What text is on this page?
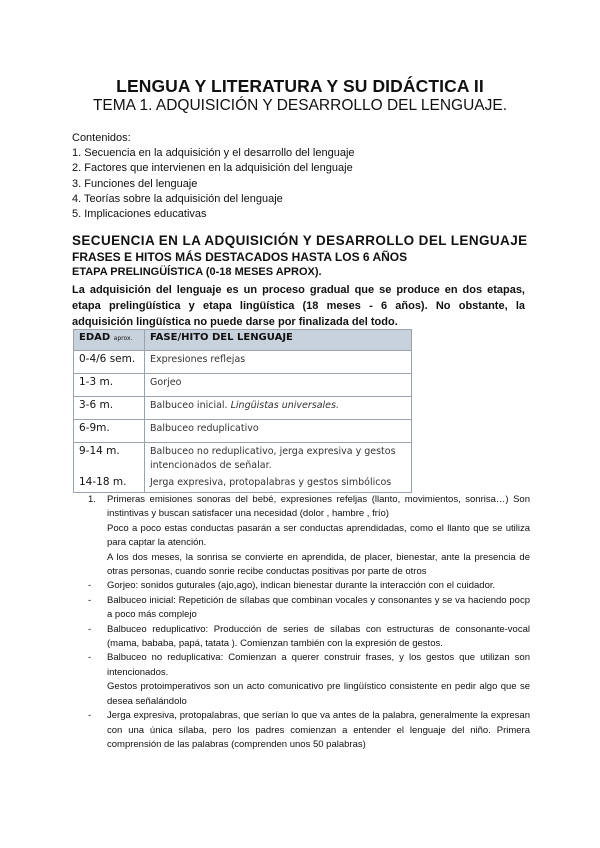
LENGUA Y LITERATURA Y SU DIDÁCTICA II
TEMA 1. ADQUISICIÓN Y DESARROLLO DEL LENGUAJE.
Contenidos:
1. Secuencia en la adquisición y el desarrollo del lenguaje
2. Factores que intervienen en la adquisición del lenguaje
3. Funciones del lenguaje
4. Teorías sobre la adquisición del lenguaje
5. Implicaciones educativas
SECUENCIA EN LA ADQUISICIÓN Y DESARROLLO DEL LENGUAJE
FRASES E HITOS MÁS DESTACADOS HASTA LOS 6 AÑOS
ETAPA PRELINGÜÍSTICA (0-18 MESES APROX).
La adquisición del lenguaje es un proceso gradual que se produce en dos etapas,
etapa prelingüística y etapa lingüística (18 meses - 6 años). No obstante, la
adquisición lingüística no puede darse por finalizada del todo.
EDAD aprox.	FASE/HITO DEL LENGUAJE
0-4/6 sem.	Expresiones reflejas
1-3 m.	Gorjeo
3-6 m.	Balbuceo inicial. Lingüistas universales.
6-9m.	Balbuceo reduplicativo
9-14 m.	Balbuceo no reduplicativo, jerga expresiva y gestos intencionados de señalar.
14-18 m.	Jerga expresiva, protopalabras y gestos simbólicos
1. Primeras emisiones sonoras del bebé, expresiones refeljas (llanto, movimientos, sonrisa…) Son instintivas y buscan satisfacer una necesidad (dolor , hambre , frío)

Poco a poco estas conductas pasarán a ser conductas aprendidadas, como el llanto que se utiliza para captar la atención.

A los dos meses, la sonrisa se convierte en aprendida, de placer, bienestar, ante la presencia de otras personas, cuando sonrie recibe conductas positivas por parte de otros

- Gorjeo: sonidos guturales (ajo,ago), indican bienestar durante la interacción con el cuidador.

- Balbuceo inicial: Repetición de sílabas que combinan vocales y consonantes y se va haciendo pocp a poco más complejo

- Balbuceo reduplicativo: Producción de series de sílabas con estructuras de consonante-vocal (mama, bababa, papá, tatata ). Comienzan también con la expresión de gestos.

- Balbuceo no reduplicativa: Comienzan a querer construir frases, y los gestos que utilizan son intencionados.

Gestos protoimperativos son un acto comunicativo pre lingüístico consistente en pedir algo que se desea señalándolo

- Jerga expresiva, protopalabras, que serían lo que va antes de la palabra, generalmente la expresan con una única sílaba, pero los padres comienzan a entender el lenguaje del niño. Primera comprensión de las palabras (comprenden unos 50 palabras)
